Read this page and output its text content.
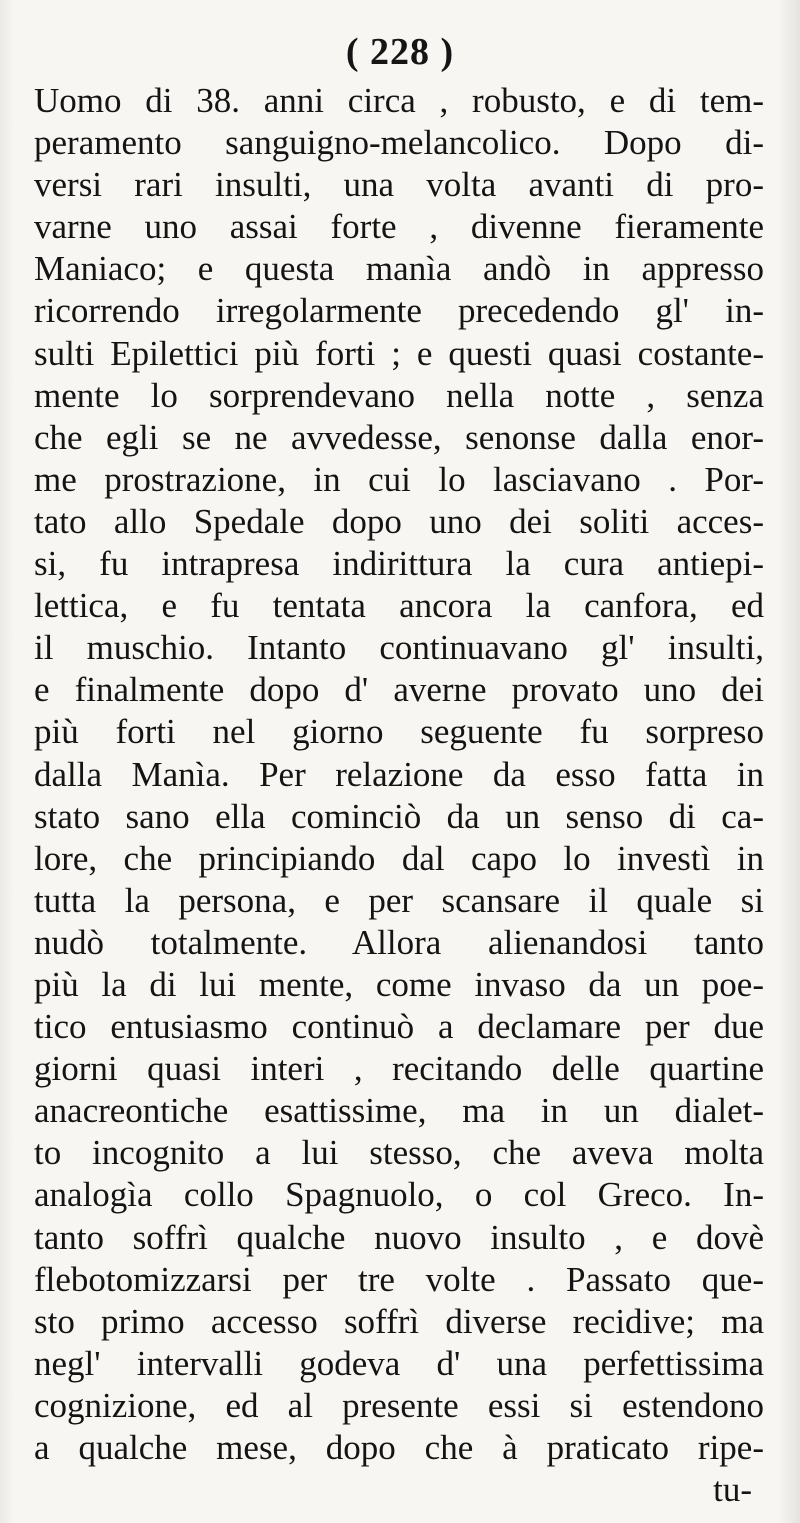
( 228 )
Uomo di 38. anni circa , robusto, e di tem-
peramento sanguigno-melancolico. Dopo di-
versi rari insulti, una volta avanti di pro-
varne uno assai forte , divenne fieramente
Maniaco; e questa manìa andò in appresso
ricorrendo irregolarmente precedendo gl' in-
sulti Epilettici più forti ; e questi quasi costante-
mente lo sorprendevano nella notte , senza
che egli se ne avvedesse, senonse dalla enor-
me prostrazione, in cui lo lasciavano . Por-
tato allo Spedale dopo uno dei soliti acces-
si, fu intrapresa indirittura la cura antiepi-
lettica, e fu tentata ancora la canfora, ed
il muschio. Intanto continuavano gl' insulti,
e finalmente dopo d' averne provato uno dei
più forti nel giorno seguente fu sorpreso
dalla Manìa. Per relazione da esso fatta in
stato sano ella cominciò da un senso di ca-
lore, che principiando dal capo lo investì in
tutta la persona, e per scansare il quale si
nudò totalmente. Allora alienandosi tanto
più la di lui mente, come invaso da un poe-
tico entusiasmo continuò a declamare per due
giorni quasi interi , recitando delle quartine
anacreontiche esattissime, ma in un dialet-
to incognito a lui stesso, che aveva molta
analogìa collo Spagnuolo, o col Greco. In-
tanto soffrì qualche nuovo insulto , e dovè
flebotomizzarsi per tre volte . Passato que-
sto primo accesso soffrì diverse recidive; ma
negl' intervalli godeva d' una perfettissima
cognizione, ed al presente essi si estendono
a qualche mese, dopo che à praticato ripe-
tu-
